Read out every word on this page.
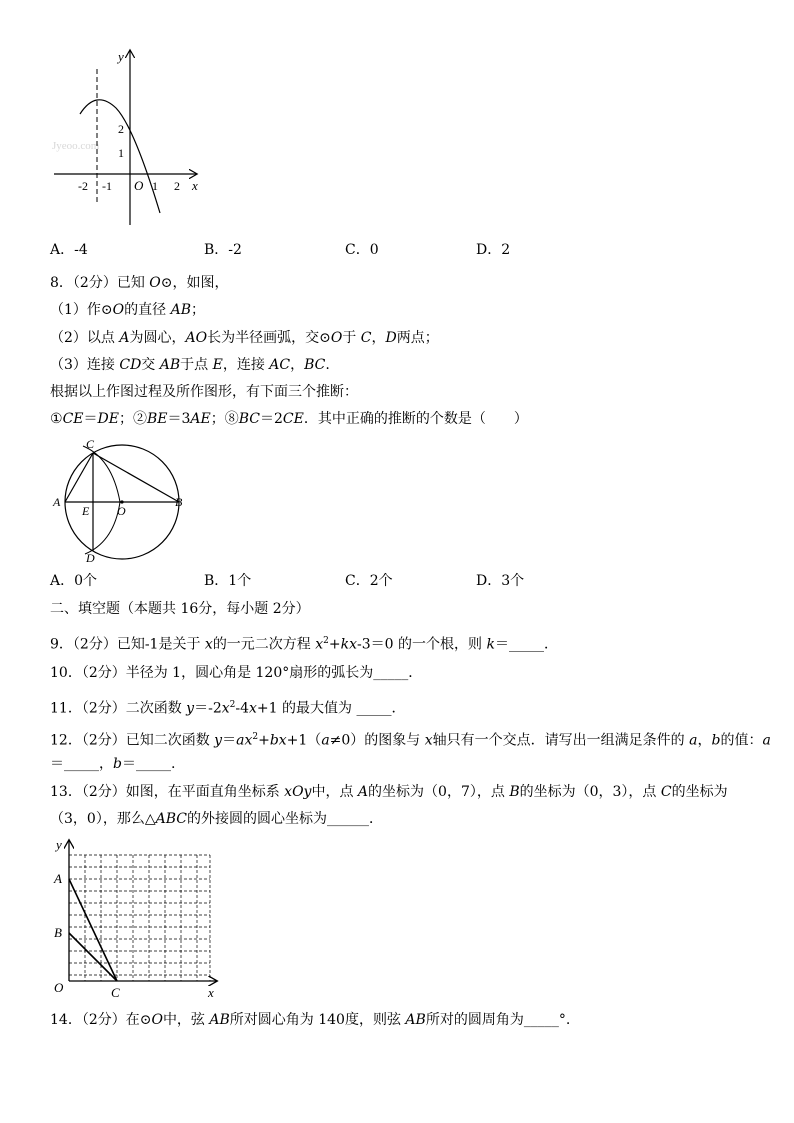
Jyeoo.com
y
x
O
-2 -1	1 2
2
1
A．-4	B．-2	C．0	D．2
8．（2分）已知 O⊙，如图，
（1）作⊙O的直径 AB；
（2）以点 A为圆心，AO长为半径画弧，交⊙O于 C，D两点；
（3）连接 CD交 AB于点 E，连接 AC，BC.
根据以上作图过程及所作图形，有下面三个推断：
①CE＝DE；②BE＝3AE；⑧BC＝2CE．其中正确的推断的个数是（　　）
C
A	B
E O
D
A．0个	B．1个	C．2个	D．3个
二、填空题（本题共 16分，每小题 2分）
9．（2分）已知-1是关于 x的一元二次方程 $x^2+kx-3=0$ 的一个根，则 k＝_____．
10．（2分）半径为 1，圆心角是 120°扇形的弧长为_____．
11．（2分）二次函数 $y=-2x^2-4x+1$ 的最大值为 _____．
12．（2分）已知二次函数 $y=ax^2+bx+1(a\ne 0)$的图象与 x轴只有一个交点．请写出一组满足条件的 a，b的值：a
＝_____，b＝_____.
13．（2分）如图，在平面直角坐标系 xOy中，点 A的坐标为（0，7），点 B的坐标为（0，3），点 C的坐标为
（3，0），那么△ABC的外接圆的圆心坐标为______．
y
A
B
O	C	x
14．（2分）在⊙O中，弦 AB所对圆心角为 140度，则弦 AB所对的圆周角为_____°.
